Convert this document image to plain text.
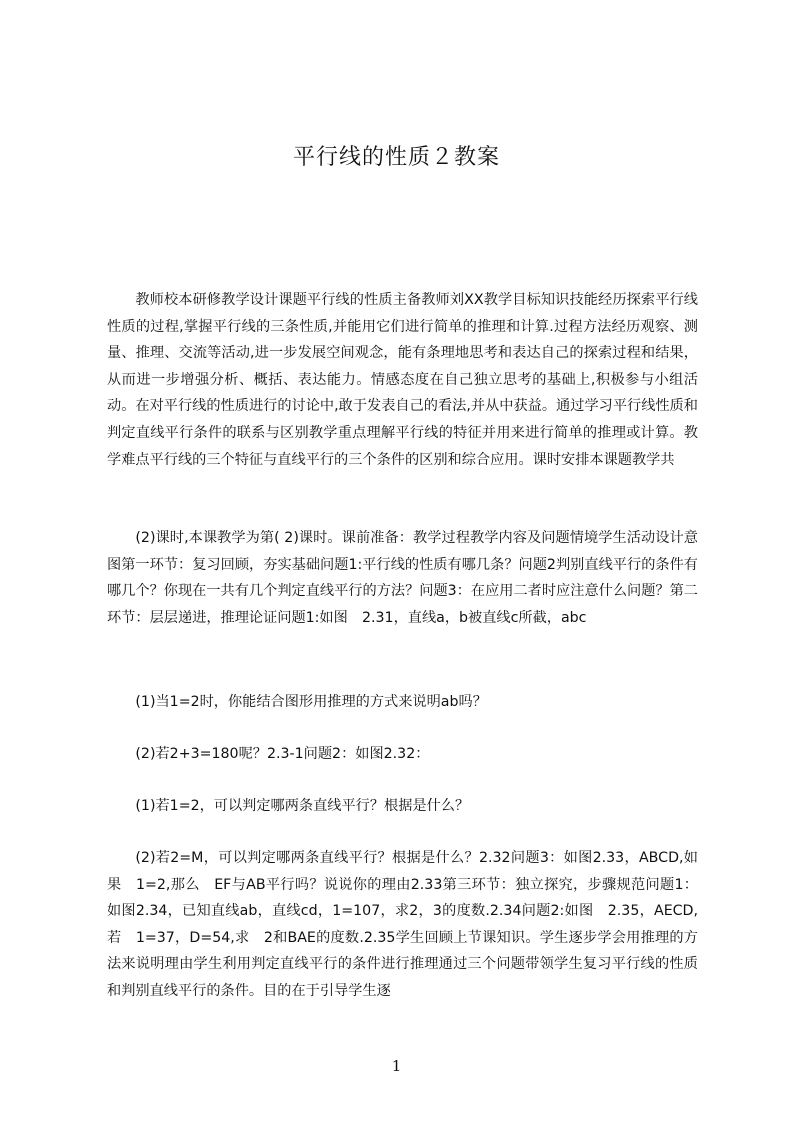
平行线的性质２教案

教师校本研修教学设计课题平行线的性质主备教师刘XX教学目标知识技能经历探索平行线性质的过程,掌握平行线的三条性质,并能用它们进行简单的推理和计算.过程方法经历观察、测量、推理、交流等活动,进一步发展空间观念，能有条理地思考和表达自己的探索过程和结果，从而进一步增强分析、概括、表达能力。情感态度在自己独立思考的基础上,积极参与小组活动。在对平行线的性质进行的讨论中,敢于发表自己的看法,并从中获益。通过学习平行线性质和判定直线平行条件的联系与区别教学重点理解平行线的特征并用来进行简单的推理或计算。教学难点平行线的三个特征与直线平行的三个条件的区别和综合应用。课时安排本课题教学共

(2)课时,本课教学为第( 2)课时。课前准备：教学过程教学内容及问题情境学生活动设计意图第一环节：复习回顾，夯实基础问题1:平行线的性质有哪几条？问题2判别直线平行的条件有哪几个？你现在一共有几个判定直线平行的方法？问题3：在应用二者时应注意什么问题？第二环节：层层递进，推理论证问题1:如图　2.31，直线a，b被直线c所截，abc

(1)当1=2时，你能结合图形用推理的方式来说明ab吗？

(2)若2+3=180呢？2.3-1问题2：如图2.32：

(1)若1=2，可以判定哪两条直线平行？根据是什么？

(2)若2=M，可以判定哪两条直线平行？根据是什么？2.32问题3：如图2.33，ABCD,如果　1=2,那么　EF与AB平行吗？说说你的理由2.33第三环节：独立探究，步骤规范问题1：如图2.34，已知直线ab，直线cd，1=107，求2，3的度数.2.34问题2:如图　2.35，AECD,若　1=37，D=54,求　2和BAE的度数.2.35学生回顾上节课知识。学生逐步学会用推理的方法来说明理由学生利用判定直线平行的条件进行推理通过三个问题带领学生复习平行线的性质和判别直线平行的条件。目的在于引导学生逐

1
